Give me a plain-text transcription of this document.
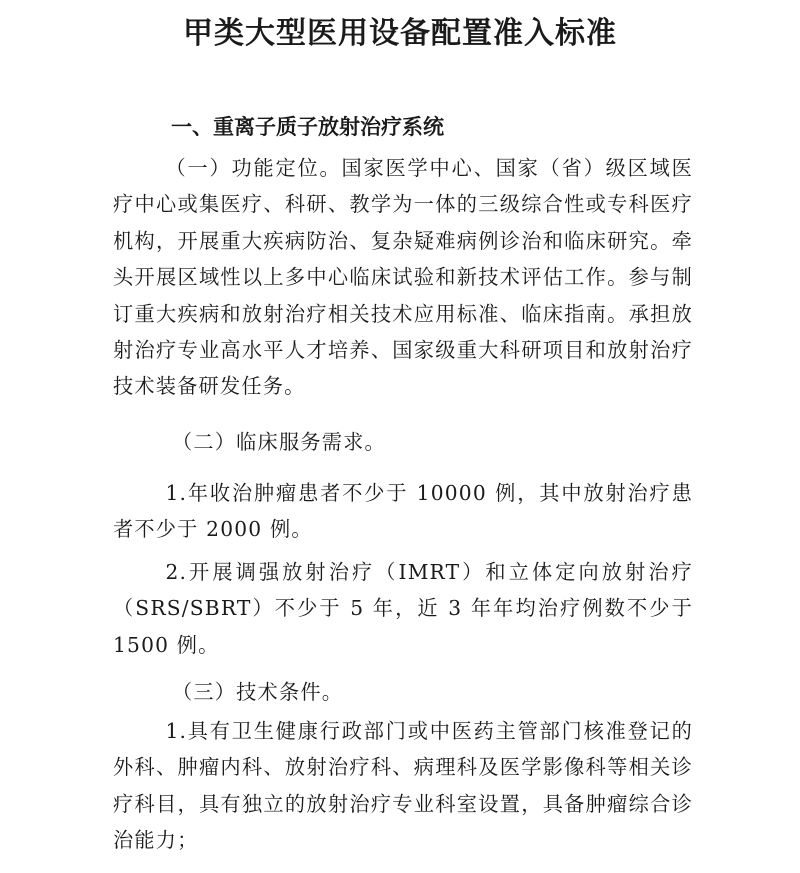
甲类大型医用设备配置准入标准
一、重离子质子放射治疗系统

（一）功能定位。国家医学中心、国家（省）级区域医疗中心或集医疗、科研、教学为一体的三级综合性或专科医疗机构，开展重大疾病防治、复杂疑难病例诊治和临床研究。牵头开展区域性以上多中心临床试验和新技术评估工作。参与制订重大疾病和放射治疗相关技术应用标准、临床指南。承担放射治疗专业高水平人才培养、国家级重大科研项目和放射治疗技术装备研发任务。

（二）临床服务需求。

1.年收治肿瘤患者不少于 10000 例，其中放射治疗患者不少于 2000 例。

2.开展调强放射治疗（IMRT）和立体定向放射治疗（SRS/SBRT）不少于 5 年，近 3 年年均治疗例数不少于 1500 例。

（三）技术条件。

1.具有卫生健康行政部门或中医药主管部门核准登记的外科、肿瘤内科、放射治疗科、病理科及医学影像科等相关诊疗科目，具有独立的放射治疗专业科室设置，具备肿瘤综合诊治能力；
